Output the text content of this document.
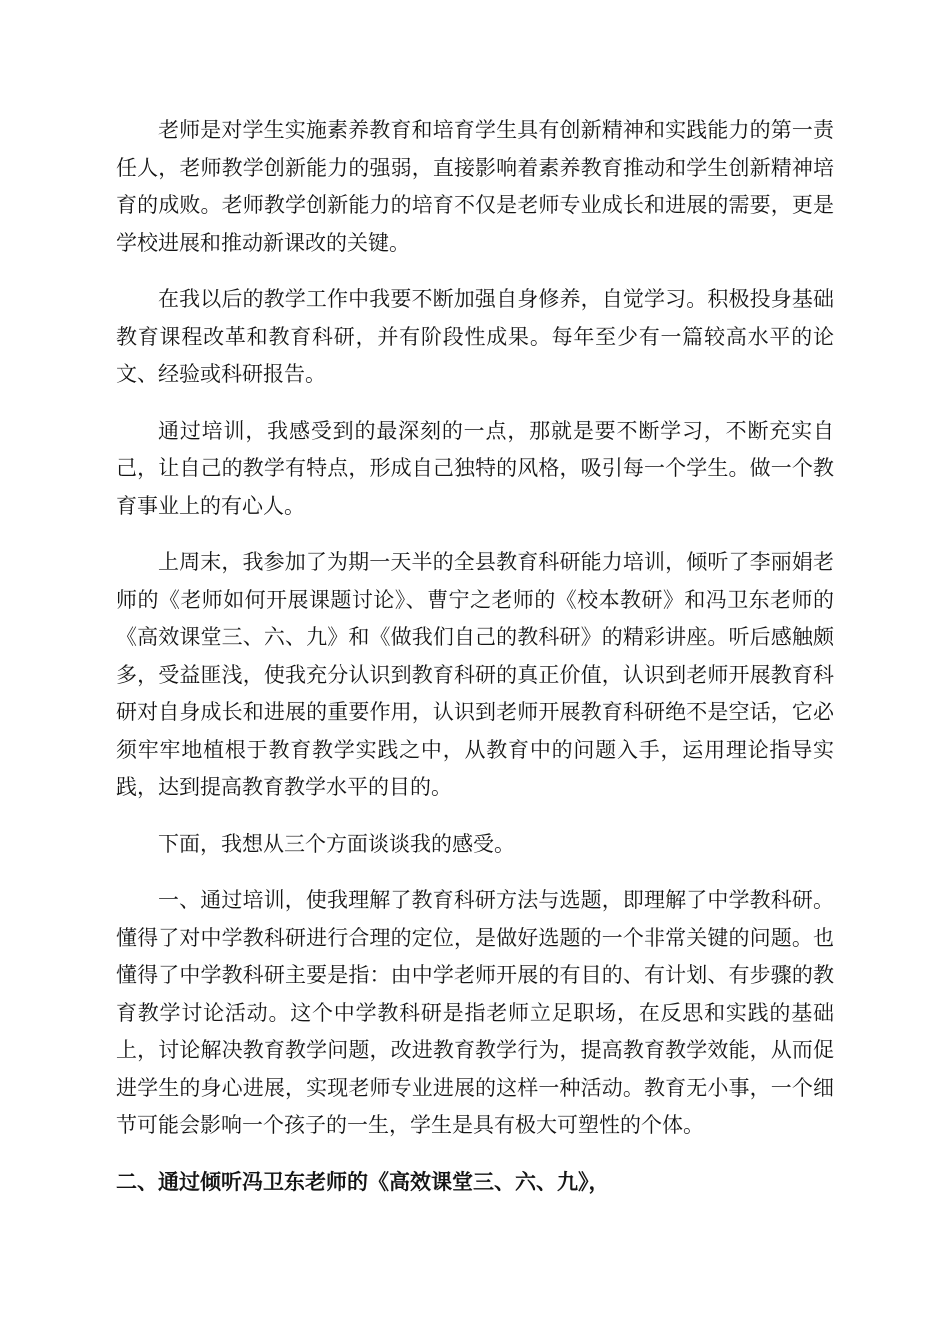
老师是对学生实施素养教育和培育学生具有创新精神和实践能力的第一责任人，老师教学创新能力的强弱，直接影响着素养教育推动和学生创新精神培育的成败。老师教学创新能力的培育不仅是老师专业成长和进展的需要，更是学校进展和推动新课改的关键。

在我以后的教学工作中我要不断加强自身修养，自觉学习。积极投身基础教育课程改革和教育科研，并有阶段性成果。每年至少有一篇较高水平的论文、经验或科研报告。

通过培训，我感受到的最深刻的一点，那就是要不断学习，不断充实自己，让自己的教学有特点，形成自己独特的风格，吸引每一个学生。做一个教育事业上的有心人。

上周末，我参加了为期一天半的全县教育科研能力培训，倾听了李丽娟老师的《老师如何开展课题讨论》、曹宁之老师的《校本教研》和冯卫东老师的《高效课堂三、六、九》和《做我们自己的教科研》的精彩讲座。听后感触颇多，受益匪浅，使我充分认识到教育科研的真正价值，认识到老师开展教育科研对自身成长和进展的重要作用，认识到老师开展教育科研绝不是空话，它必须牢牢地植根于教育教学实践之中，从教育中的问题入手，运用理论指导实践，达到提高教育教学水平的目的。

下面，我想从三个方面谈谈我的感受。

一、通过培训，使我理解了教育科研方法与选题，即理解了中学教科研。懂得了对中学教科研进行合理的定位，是做好选题的一个非常关键的问题。也懂得了中学教科研主要是指：由中学老师开展的有目的、有计划、有步骤的教育教学讨论活动。这个中学教科研是指老师立足职场，在反思和实践的基础上，讨论解决教育教学问题，改进教育教学行为，提高教育教学效能，从而促进学生的身心进展，实现老师专业进展的这样一种活动。教育无小事，一个细节可能会影响一个孩子的一生，学生是具有极大可塑性的个体。

二、通过倾听冯卫东老师的《高效课堂三、六、九》，
